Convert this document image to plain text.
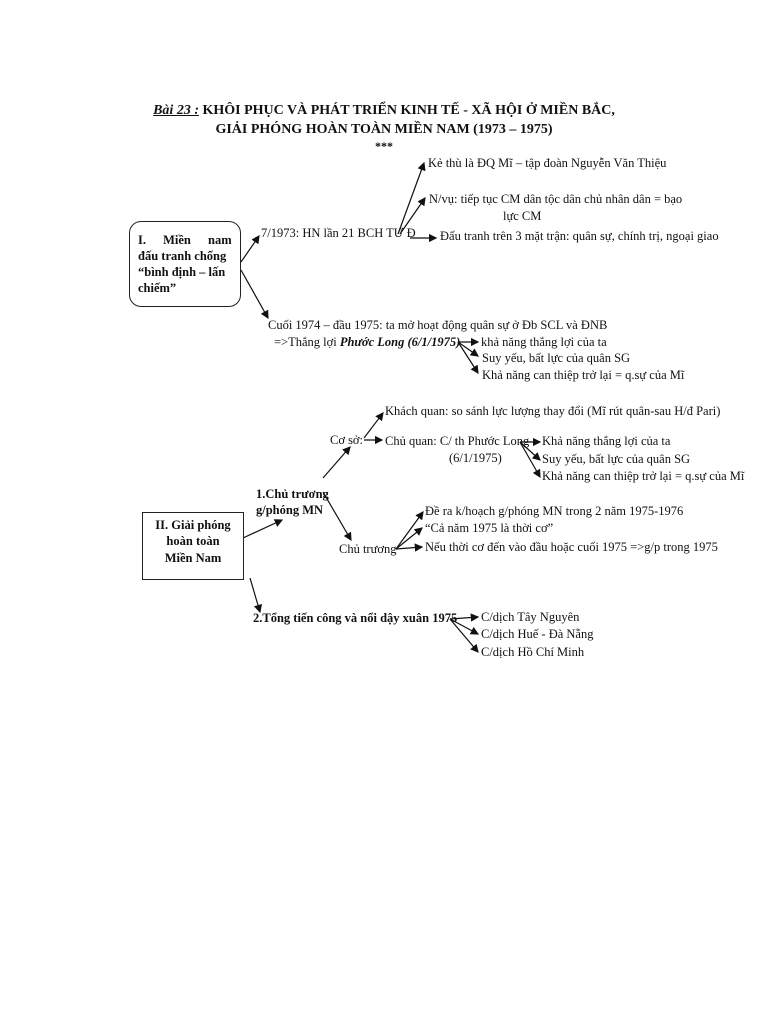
Bài 23 : KHÔI PHỤC VÀ PHÁT TRIỂN KINH TẾ - XÃ HỘI Ở MIỀN BẮC,
GIẢI PHÓNG HOÀN TOÀN MIỀN NAM (1973 – 1975)
***
I. Miền nam
đấu tranh chống
“bình định – lấn
chiếm”
7/1973: HN lần 21 BCH TƯ Đ
Kẻ thù là ĐQ Mĩ – tập đoàn Nguyễn Văn Thiệu
N/vụ: tiếp tục CM dân tộc dân chủ nhân dân = bạo
lực CM
Đấu tranh trên 3 mặt trận: quân sự, chính trị, ngoại giao
Cuối 1974 – đầu 1975: ta mở hoạt động quân sự ở Đb SCL và ĐNB
=>Thắng lợi Phước Long (6/1/1975) khả năng thắng lợi của ta
Suy yếu, bất lực của quân SG
Khả năng can thiệp trở lại = q.sự của Mĩ
II. Giải phóng
hoàn toàn
Miền Nam
1.Chủ trương
g/phóng MN
Cơ sở:
Khách quan: so sánh lực lượng thay đổi (Mĩ rút quân-sau H/đ Pari)
Chủ quan: C/ th Phước Long
(6/1/1975)
Khả năng thắng lợi của ta
Suy yếu, bất lực của quân SG
Khả năng can thiệp trở lại = q.sự của Mĩ
Chủ trương
Đề ra k/hoạch g/phóng MN trong 2 năm 1975-1976
“Cả năm 1975 là thời cơ”
Nếu thời cơ đến vào đầu hoặc cuối 1975 =>g/p trong 1975
2.Tổng tiến công và nổi dậy xuân 1975 C/dịch Tây Nguyên
C/dịch Huế - Đà Nẵng
C/dịch Hồ Chí Minh
